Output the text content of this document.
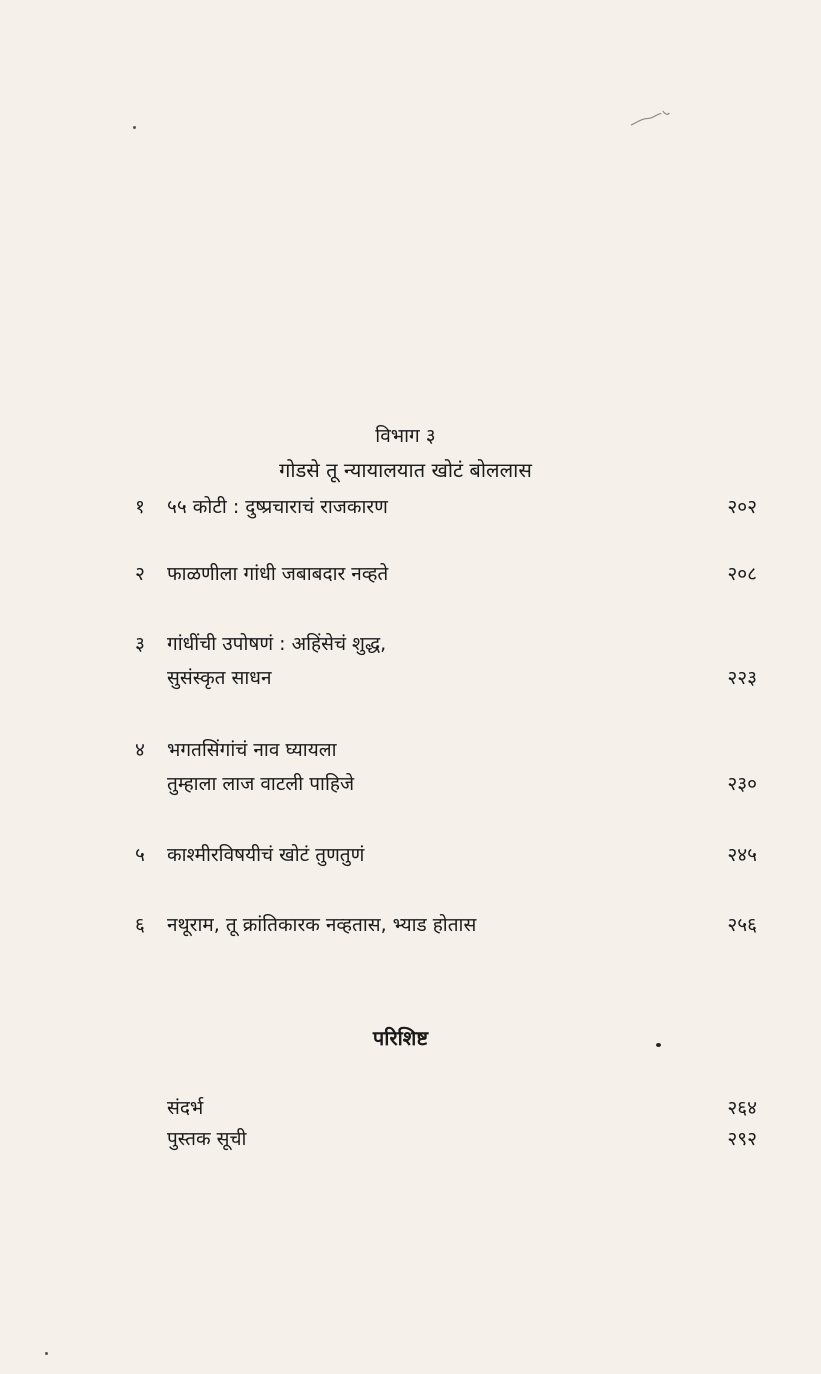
विभाग ३
गोडसे तू न्यायालयात खोटं बोललास
१	५५ कोटी : दुष्प्रचाराचं राजकारण	२०२
२	फाळणीला गांधी जबाबदार नव्हते	२०८
३	गांधींची उपोषणं : अहिंसेचं शुद्ध,
सुसंस्कृत साधन	२२३
४	भगतसिंगांचं नाव घ्यायला
तुम्हाला लाज वाटली पाहिजे	२३०
५	काश्मीरविषयीचं खोटं तुणतुणं	२४५
६	नथूराम, तू क्रांतिकारक नव्हतास, भ्याड होतास	२५६
परिशिष्ट
संदर्भ	२६४
पुस्तक सूची	२९२
